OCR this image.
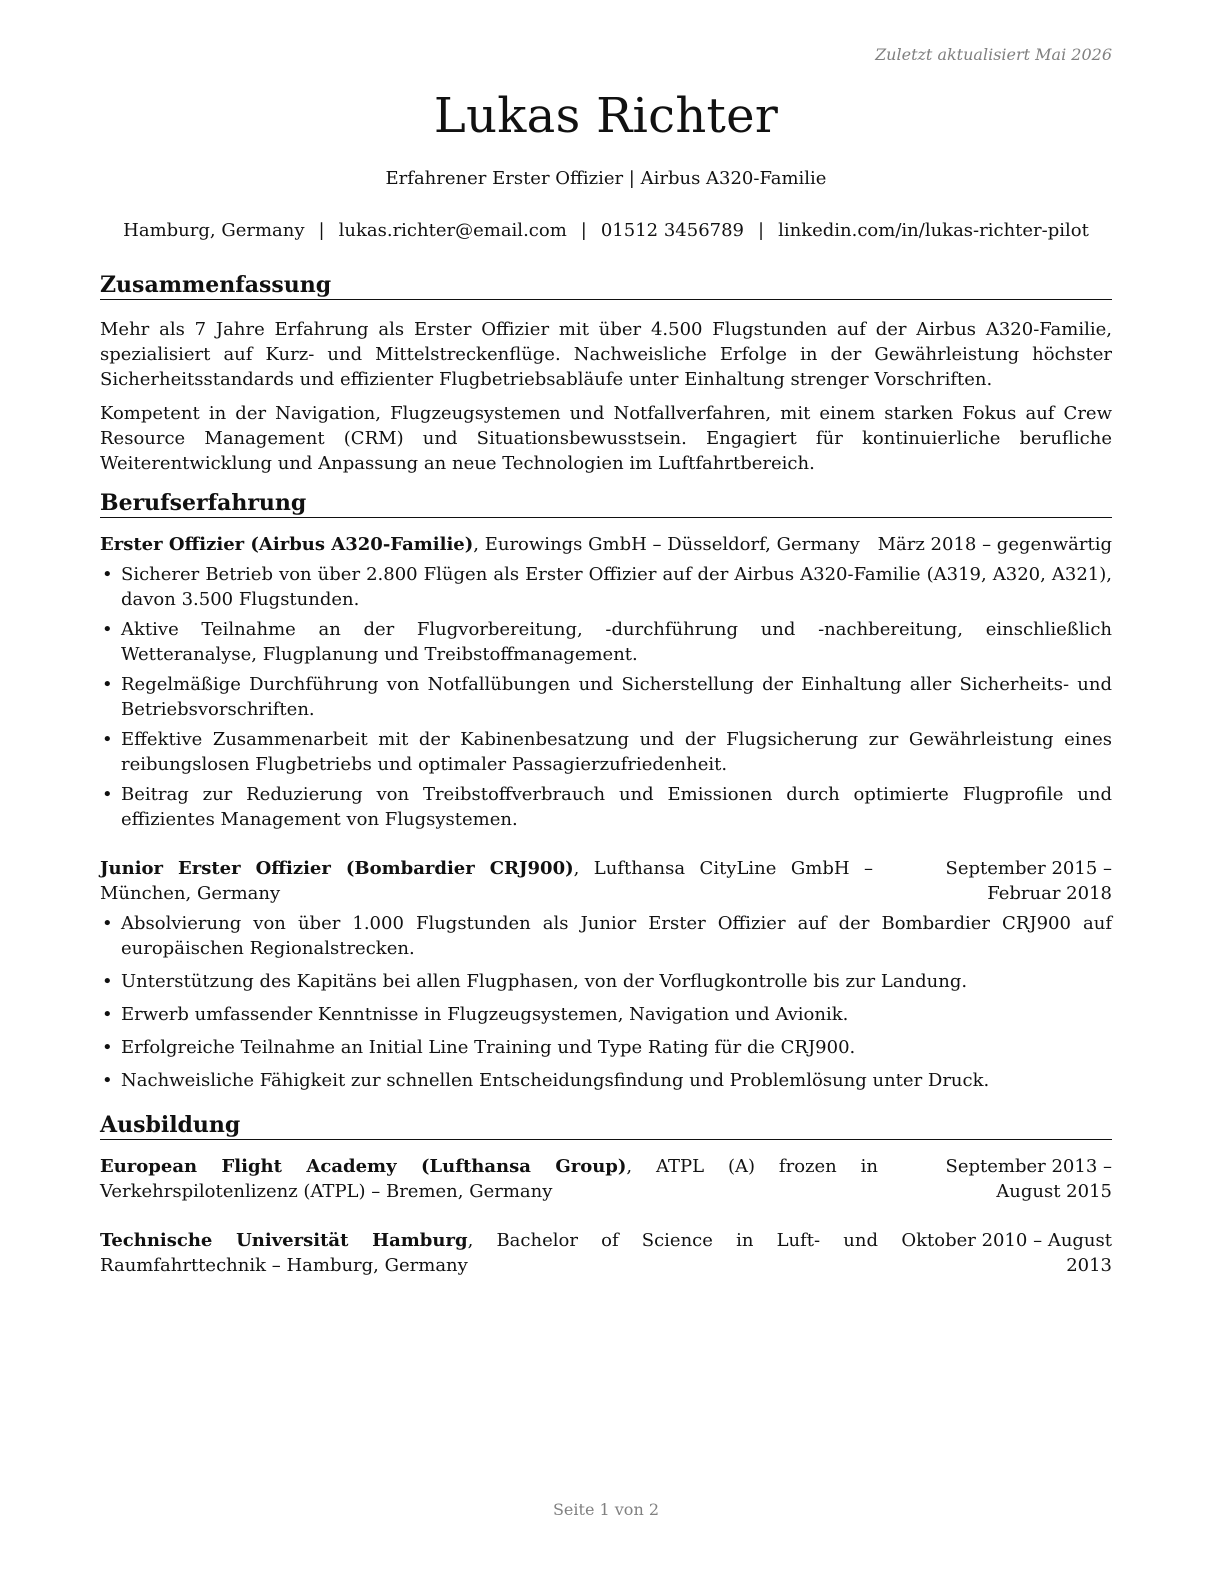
Zuletzt aktualisiert Mai 2026
Lukas Richter
Erfahrener Erster Offizier | Airbus A320-Familie
Hamburg, Germany | lukas.richter@email.com | 01512 3456789 | linkedin.com/in/lukas-richter-pilot
Zusammenfassung

Mehr als 7 Jahre Erfahrung als Erster Offizier mit über 4.500 Flugstunden auf der Airbus A320-Familie, spezialisiert auf Kurz- und Mittelstreckenflüge. Nachweisliche Erfolge in der Gewährleistung höchster Sicherheitsstandards und effizienter Flugbetriebsabläufe unter Einhaltung strenger Vorschriften.

Kompetent in der Navigation, Flugzeugsystemen und Notfallverfahren, mit einem starken Fokus auf Crew Resource Management (CRM) und Situationsbewusstsein. Engagiert für kontinuierliche berufliche Weiterentwicklung und Anpassung an neue Technologien im Luftfahrtbereich.

Berufserfahrung
Erster Offizier (Airbus A320-Familie), Eurowings GmbH – Düsseldorf, Germany März 2018 – gegenwärtig
• Sicherer Betrieb von über 2.800 Flügen als Erster Offizier auf der Airbus A320-Familie (A319, A320, A321), davon 3.500 Flugstunden.
• Aktive Teilnahme an der Flugvorbereitung, -durchführung und -nachbereitung, einschließlich Wetteranalyse, Flugplanung und Treibstoffmanagement.
• Regelmäßige Durchführung von Notfallübungen und Sicherstellung der Einhaltung aller Sicherheits- und Betriebsvorschriften.
• Effektive Zusammenarbeit mit der Kabinenbesatzung und der Flugsicherung zur Gewährleistung eines reibungslosen Flugbetriebs und optimaler Passagierzufriedenheit.
• Beitrag zur Reduzierung von Treibstoffverbrauch und Emissionen durch optimierte Flugprofile und effizientes Management von Flugsystemen.
Junior Erster Offizier (Bombardier CRJ900), Lufthansa CityLine GmbH – München, Germany
September 2015 – Februar 2018
• Absolvierung von über 1.000 Flugstunden als Junior Erster Offizier auf der Bombardier CRJ900 auf europäischen Regionalstrecken.
• Unterstützung des Kapitäns bei allen Flugphasen, von der Vorflugkontrolle bis zur Landung.
• Erwerb umfassender Kenntnisse in Flugzeugsystemen, Navigation und Avionik.
• Erfolgreiche Teilnahme an Initial Line Training und Type Rating für die CRJ900.
• Nachweisliche Fähigkeit zur schnellen Entscheidungsfindung und Problemlösung unter Druck.
Ausbildung
European Flight Academy (Lufthansa Group), ATPL (A) frozen in Verkehrspilotenlizenz (ATPL) – Bremen, Germany
September 2013 – August 2015
Technische Universität Hamburg, Bachelor of Science in Luft- und Raumfahrttechnik – Hamburg, Germany
Oktober 2010 – August 2013
Seite 1 von 2
